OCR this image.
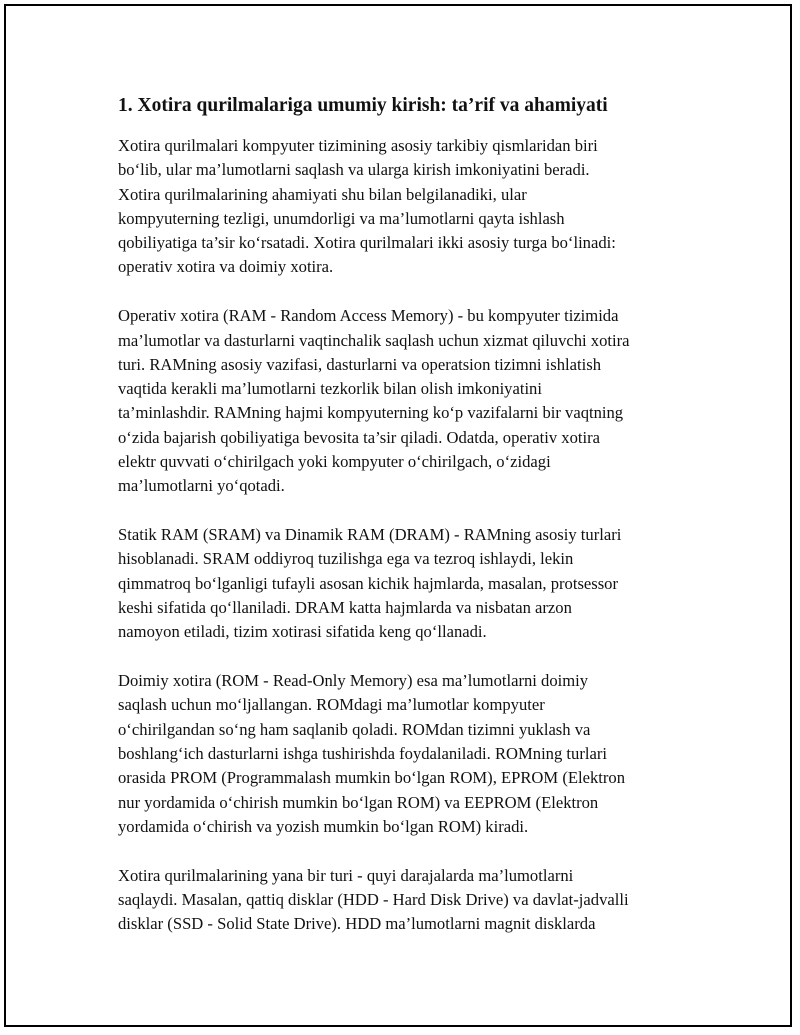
1. Xotira qurilmalariga umumiy kirish: ta’rif va ahamiyati
Xotira qurilmalari kompyuter tizimining asosiy tarkibiy qismlaridan biri
bo‘lib, ular ma’lumotlarni saqlash va ularga kirish imkoniyatini beradi.
Xotira qurilmalarining ahamiyati shu bilan belgilanadiki, ular
kompyuterning tezligi, unumdorligi va ma’lumotlarni qayta ishlash
qobiliyatiga ta’sir ko‘rsatadi. Xotira qurilmalari ikki asosiy turga bo‘linadi:
operativ xotira va doimiy xotira.
Operativ xotira (RAM - Random Access Memory) - bu kompyuter tizimida
ma’lumotlar va dasturlarni vaqtinchalik saqlash uchun xizmat qiluvchi xotira
turi. RAMning asosiy vazifasi, dasturlarni va operatsion tizimni ishlatish
vaqtida kerakli ma’lumotlarni tezkorlik bilan olish imkoniyatini
ta’minlashdir. RAMning hajmi kompyuterning ko‘p vazifalarni bir vaqtning
o‘zida bajarish qobiliyatiga bevosita ta’sir qiladi. Odatda, operativ xotira
elektr quvvati o‘chirilgach yoki kompyuter o‘chirilgach, o‘zidagi
ma’lumotlarni yo‘qotadi.
Statik RAM (SRAM) va Dinamik RAM (DRAM) - RAMning asosiy turlari
hisoblanadi. SRAM oddiyroq tuzilishga ega va tezroq ishlaydi, lekin
qimmatroq bo‘lganligi tufayli asosan kichik hajmlarda, masalan, protsessor
keshi sifatida qo‘llaniladi. DRAM katta hajmlarda va nisbatan arzon
namoyon etiladi, tizim xotirasi sifatida keng qo‘llanadi.
Doimiy xotira (ROM - Read-Only Memory) esa ma’lumotlarni doimiy
saqlash uchun mo‘ljallangan. ROMdagi ma’lumotlar kompyuter
o‘chirilgandan so‘ng ham saqlanib qoladi. ROMdan tizimni yuklash va
boshlang‘ich dasturlarni ishga tushirishda foydalaniladi. ROMning turlari
orasida PROM (Programmalash mumkin bo‘lgan ROM), EPROM (Elektron
nur yordamida o‘chirish mumkin bo‘lgan ROM) va EEPROM (Elektron
yordamida o‘chirish va yozish mumkin bo‘lgan ROM) kiradi.
Xotira qurilmalarining yana bir turi - quyi darajalarda ma’lumotlarni
saqlaydi. Masalan, qattiq disklar (HDD - Hard Disk Drive) va davlat-jadvalli
disklar (SSD - Solid State Drive). HDD ma’lumotlarni magnit disklarda
